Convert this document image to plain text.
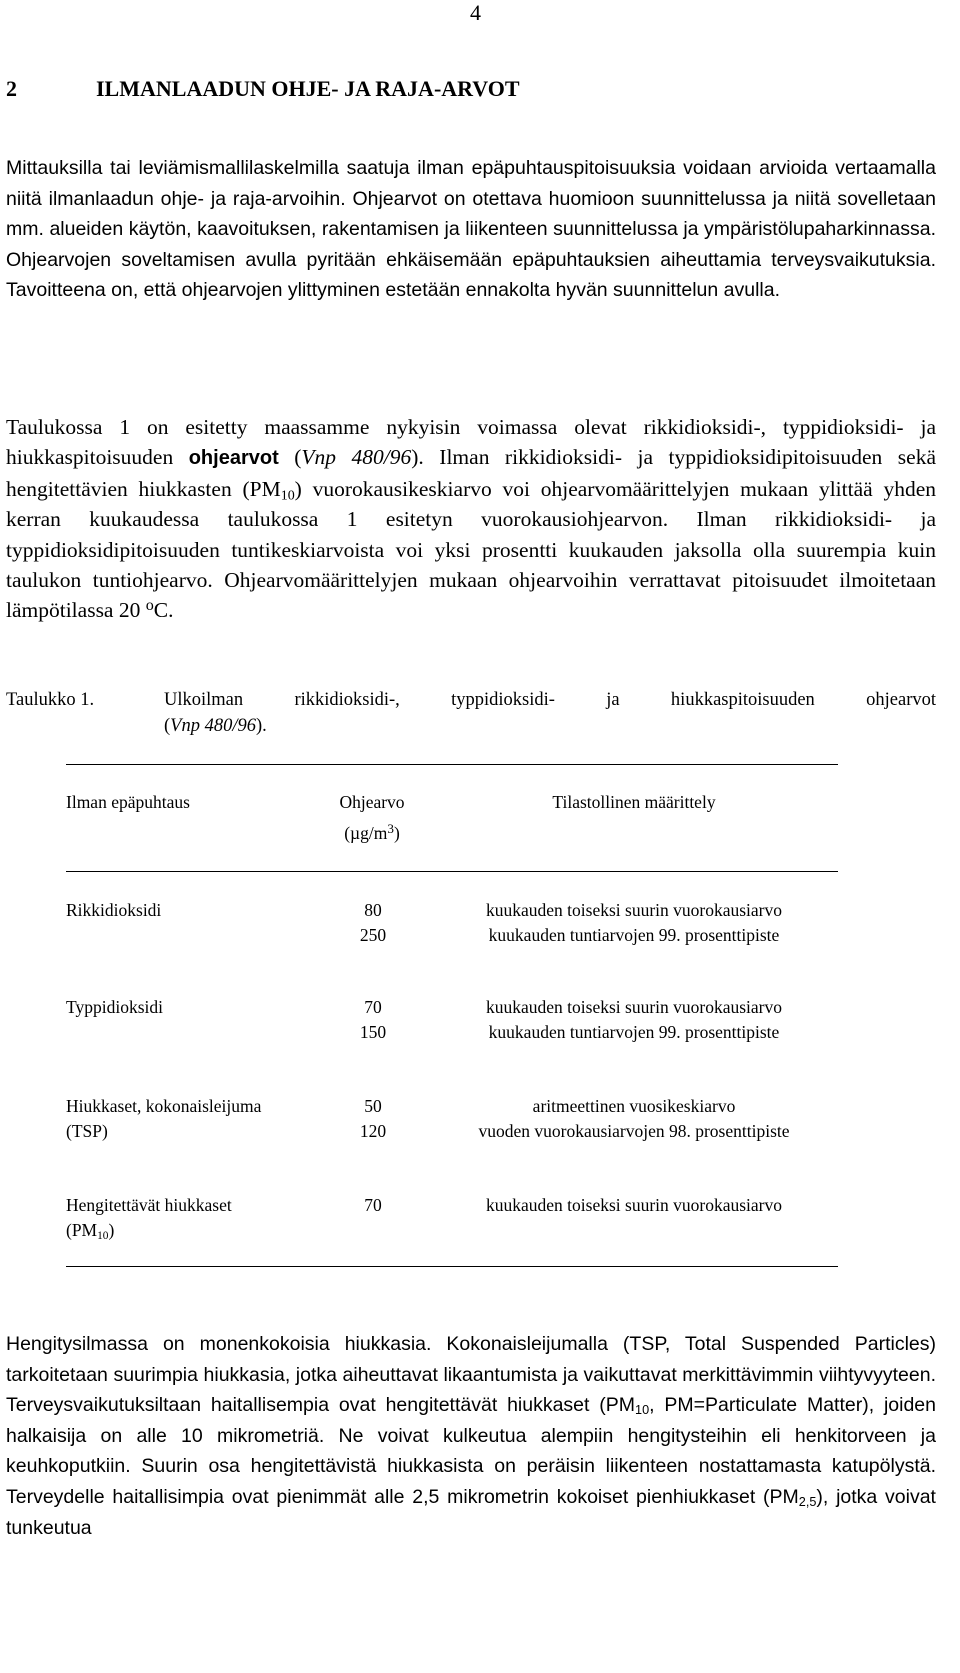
4
2	ILMANLAADUN OHJE- JA RAJA-ARVOT

Mittauksilla tai leviämismallilaskelmilla saatuja ilman epäpuhtauspitoisuuksia voidaan arvioida vertaamalla niitä ilmanlaadun ohje- ja raja-arvoihin. Ohjearvot on otettava huomioon suunnittelussa ja niitä sovelletaan mm. alueiden käytön, kaavoituksen, rakentamisen ja liikenteen suunnittelussa ja ympäristölupaharkinnassa. Ohjearvojen soveltamisen avulla pyritään ehkäisemään epäpuhtauksien aiheuttamia terveysvaikutuksia. Tavoitteena on, että ohjearvojen ylittyminen estetään ennakolta hyvän suunnittelun avulla.

Taulukossa 1 on esitetty maassamme nykyisin voimassa olevat rikkidioksidi-, typpidioksidi- ja hiukkaspitoisuuden ohjearvot (Vnp 480/96). Ilman rikkidioksidi- ja typpidioksidipitoisuuden sekä hengitettävien hiukkasten $(PM_{10})$ vuorokausikeskiarvo voi ohjearvomäärittelyjen mukaan ylittää yhden kerran kuukaudessa taulukossa 1 esitetyn vuorokausiohjearvon. Ilman rikkidioksidi- ja typpidioksidipitoisuuden tuntikeskiarvoista voi yksi prosentti kuukauden jaksolla olla suurempia kuin taulukon tuntiohjearvo. Ohjearvomäärittelyjen mukaan ohjearvoihin verrattavat pitoisuudet ilmoitetaan lämpötilassa 20 $^o$C.

Taulukko 1.	Ulkoilman rikkidioksidi-, typpidioksidi- ja hiukkaspitoisuuden ohjearvot
(Vnp 480/96).
Ilman epäpuhtaus	Ohjearvo
$(\mu g/m^3)$
Tilastollinen määrittely
Rikkidioksidi	80	kuukauden toiseksi suurin vuorokausiarvo
250	kuukauden tuntiarvojen 99. prosenttipiste
Typpidioksidi	70	kuukauden toiseksi suurin vuorokausiarvo
150	kuukauden tuntiarvojen 99. prosenttipiste
Hiukkaset, kokonaisleijuma
(TSP)
50	aritmeettinen vuosikeskiarvo
120	vuoden vuorokausiarvojen 98. prosenttipiste
Hengitettävät hiukkaset
$(PM_{10})$
70	kuukauden toiseksi suurin vuorokausiarvo

Hengitysilmassa on monenkokoisia hiukkasia. Kokonaisleijumalla (TSP, Total Suspended Particles) tarkoitetaan suurimpia hiukkasia, jotka aiheuttavat likaantumista ja vaikuttavat merkittävimmin viihtyvyyteen. Terveysvaikutuksiltaan haitallisempia ovat hengitettävät hiukkaset ($PM_{10}$, PM=Particulate Matter), joiden halkaisija on alle 10 mikrometriä. Ne voivat kulkeutua alempiin hengitysteihin eli henkitorveen ja keuhkoputkiin. Suurin osa hengitettävistä hiukkasista on peräisin liikenteen nostattamasta katupölystä. Terveydelle haitallisimpia ovat pienimmät alle 2,5 mikrometrin kokoiset pienhiukkaset $(PM_{2,5})$, jotka voivat tunkeutua
